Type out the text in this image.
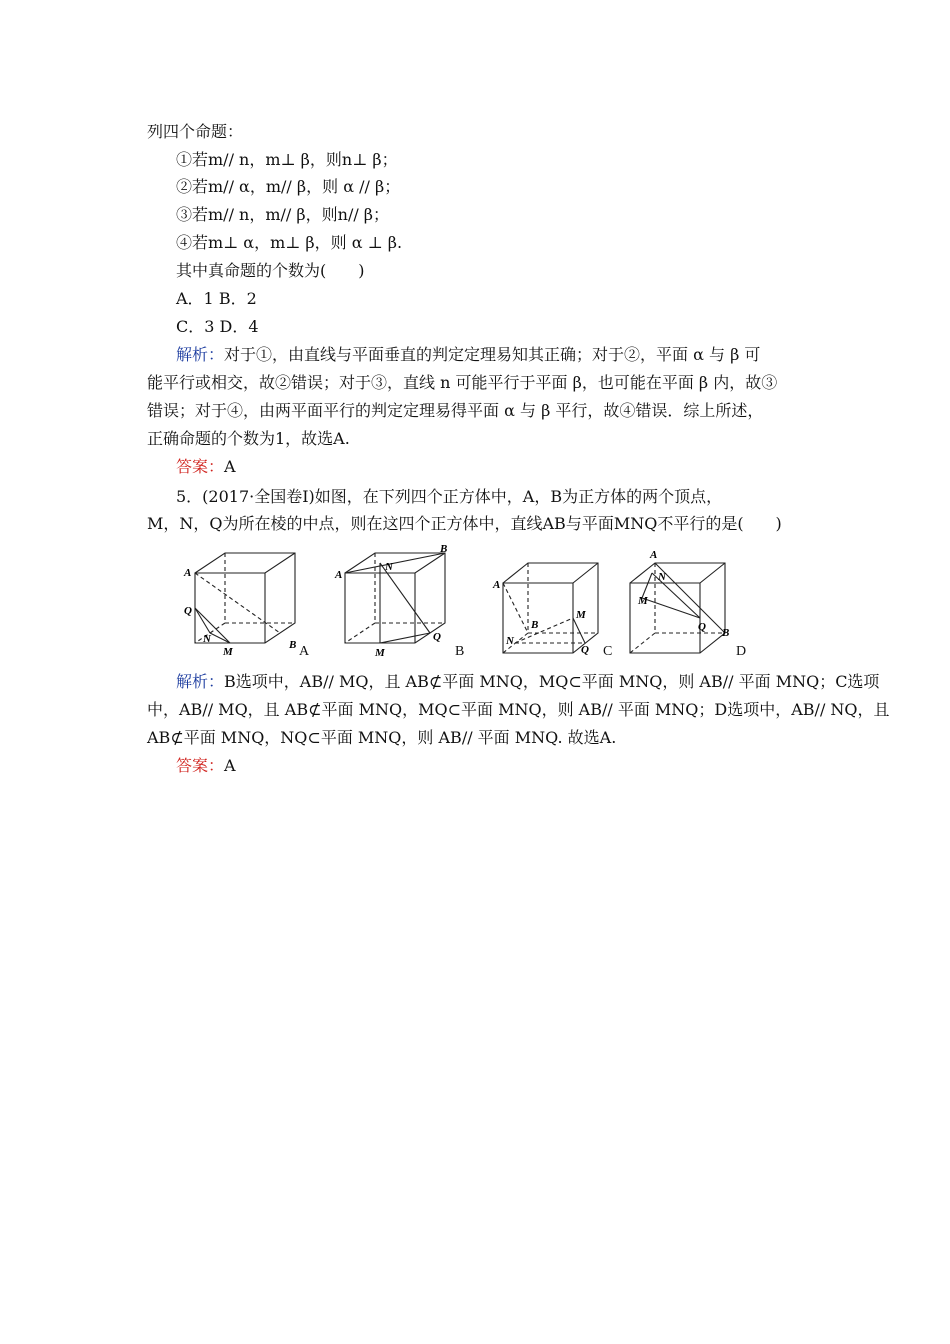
列四个命题：
①若m// n，m⊥ β，则n⊥ β；
②若m// α，m// β，则 α // β；
③若m// n，m// β，则n// β；
④若m⊥ α，m⊥ β，则 α ⊥ β.
其中真命题的个数为(　　)
A．1 B．2
C．3 D．4
解析：对于①，由直线与平面垂直的判定定理易知其正确；对于②，平面 α 与 β 可
能平行或相交，故②错误；对于③，直线 n 可能平行于平面 β，也可能在平面 β 内，故③
错误；对于④，由两平面平行的判定定理易得平面 α 与 β 平行，故④错误．综上所述，
正确命题的个数为1，故选A.
答案：A
5．(2017·全国卷Ⅰ)如图，在下列四个正方体中，A，B为正方体的两个顶点，
M，N，Q为所在棱的中点，则在这四个正方体中，直线AB与平面MNQ不平行的是(　　)
A
B
Q
N
M	A
A
B
N
M
Q
B
A
B
M
N
Q C
A
N
M
Q B
D
解析：B选项中，AB// MQ，且 AB⊄平面 MNQ，MQ⊂平面 MNQ，则 AB// 平面 MNQ；C选项
中，AB// MQ，且 AB⊄平面 MNQ，MQ⊂平面 MNQ，则 AB// 平面 MNQ；D选项中，AB// NQ，且
AB⊄平面 MNQ，NQ⊂平面 MNQ，则 AB// 平面 MNQ. 故选A.
答案：A
